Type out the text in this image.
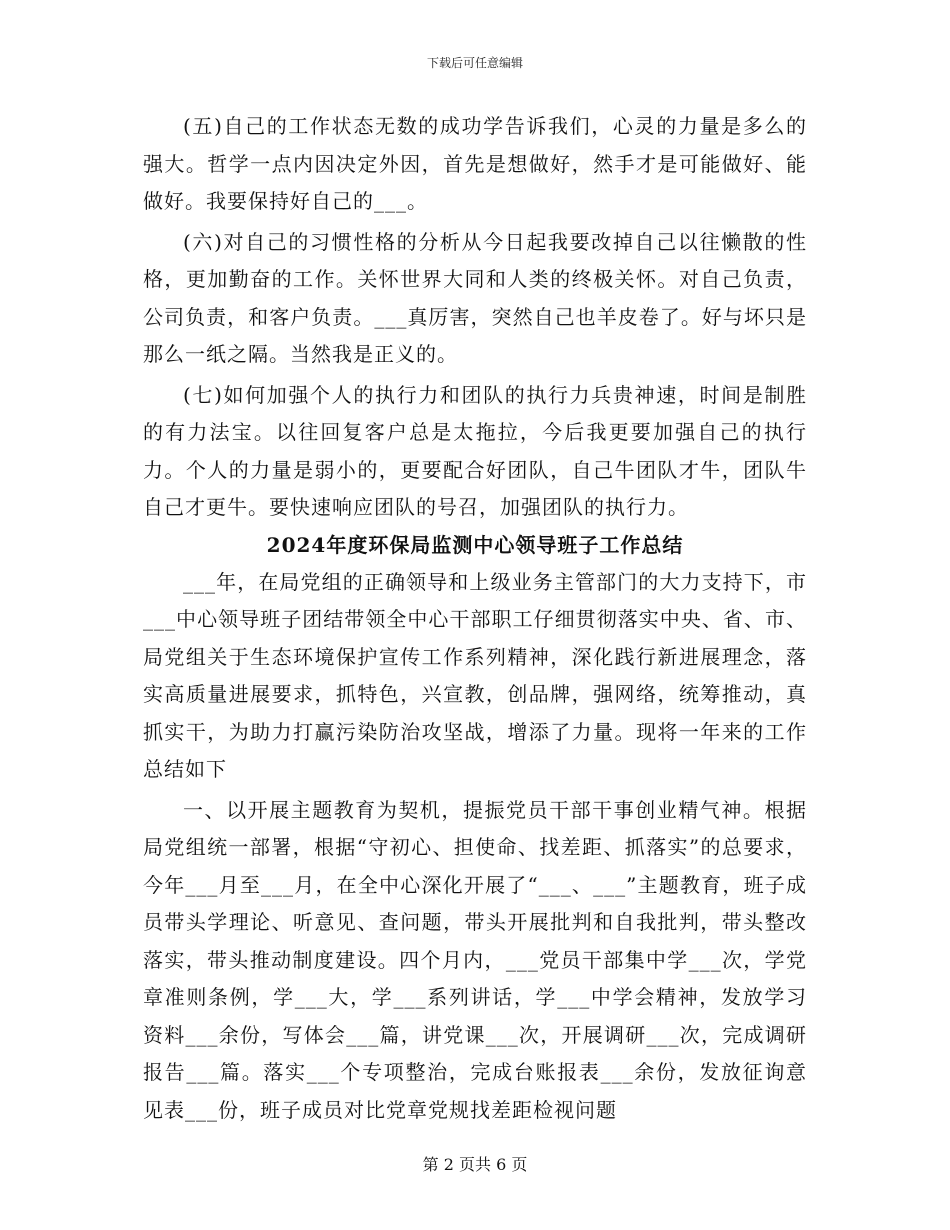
下载后可任意编辑

(五)自己的工作状态无数的成功学告诉我们，心灵的力量是多么的强大。哲学一点内因决定外因，首先是想做好，然手才是可能做好、能做好。我要保持好自己的___。

(六)对自己的习惯性格的分析从今日起我要改掉自己以往懒散的性格，更加勤奋的工作。关怀世界大同和人类的终极关怀。对自己负责，公司负责，和客户负责。___真厉害，突然自己也羊皮卷了。好与坏只是那么一纸之隔。当然我是正义的。

(七)如何加强个人的执行力和团队的执行力兵贵神速，时间是制胜的有力法宝。以往回复客户总是太拖拉，今后我更要加强自己的执行力。个人的力量是弱小的，更要配合好团队，自己牛团队才牛，团队牛自己才更牛。要快速响应团队的号召，加强团队的执行力。

2024年度环保局监测中心领导班子工作总结

___年，在局党组的正确领导和上级业务主管部门的大力支持下，市___中心领导班子团结带领全中心干部职工仔细贯彻落实中央、省、市、局党组关于生态环境保护宣传工作系列精神，深化践行新进展理念，落实高质量进展要求，抓特色，兴宣教，创品牌，强网络，统筹推动，真抓实干，为助力打赢污染防治攻坚战，增添了力量。现将一年来的工作总结如下

一、以开展主题教育为契机，提振党员干部干事创业精气神。根据局党组统一部署，根据“守初心、担使命、找差距、抓落实”的总要求，今年___月至___月，在全中心深化开展了“___、___”主题教育，班子成员带头学理论、听意见、查问题，带头开展批判和自我批判，带头整改落实，带头推动制度建设。四个月内，___党员干部集中学___次，学党章准则条例，学___大，学___系列讲话，学___中学会精神，发放学习资料___余份，写体会___篇，讲党课___次，开展调研___次，完成调研报告___篇。落实___个专项整治，完成台账报表___余份，发放征询意见表___份，班子成员对比党章党规找差距检视问题

第 2 页共 6 页
